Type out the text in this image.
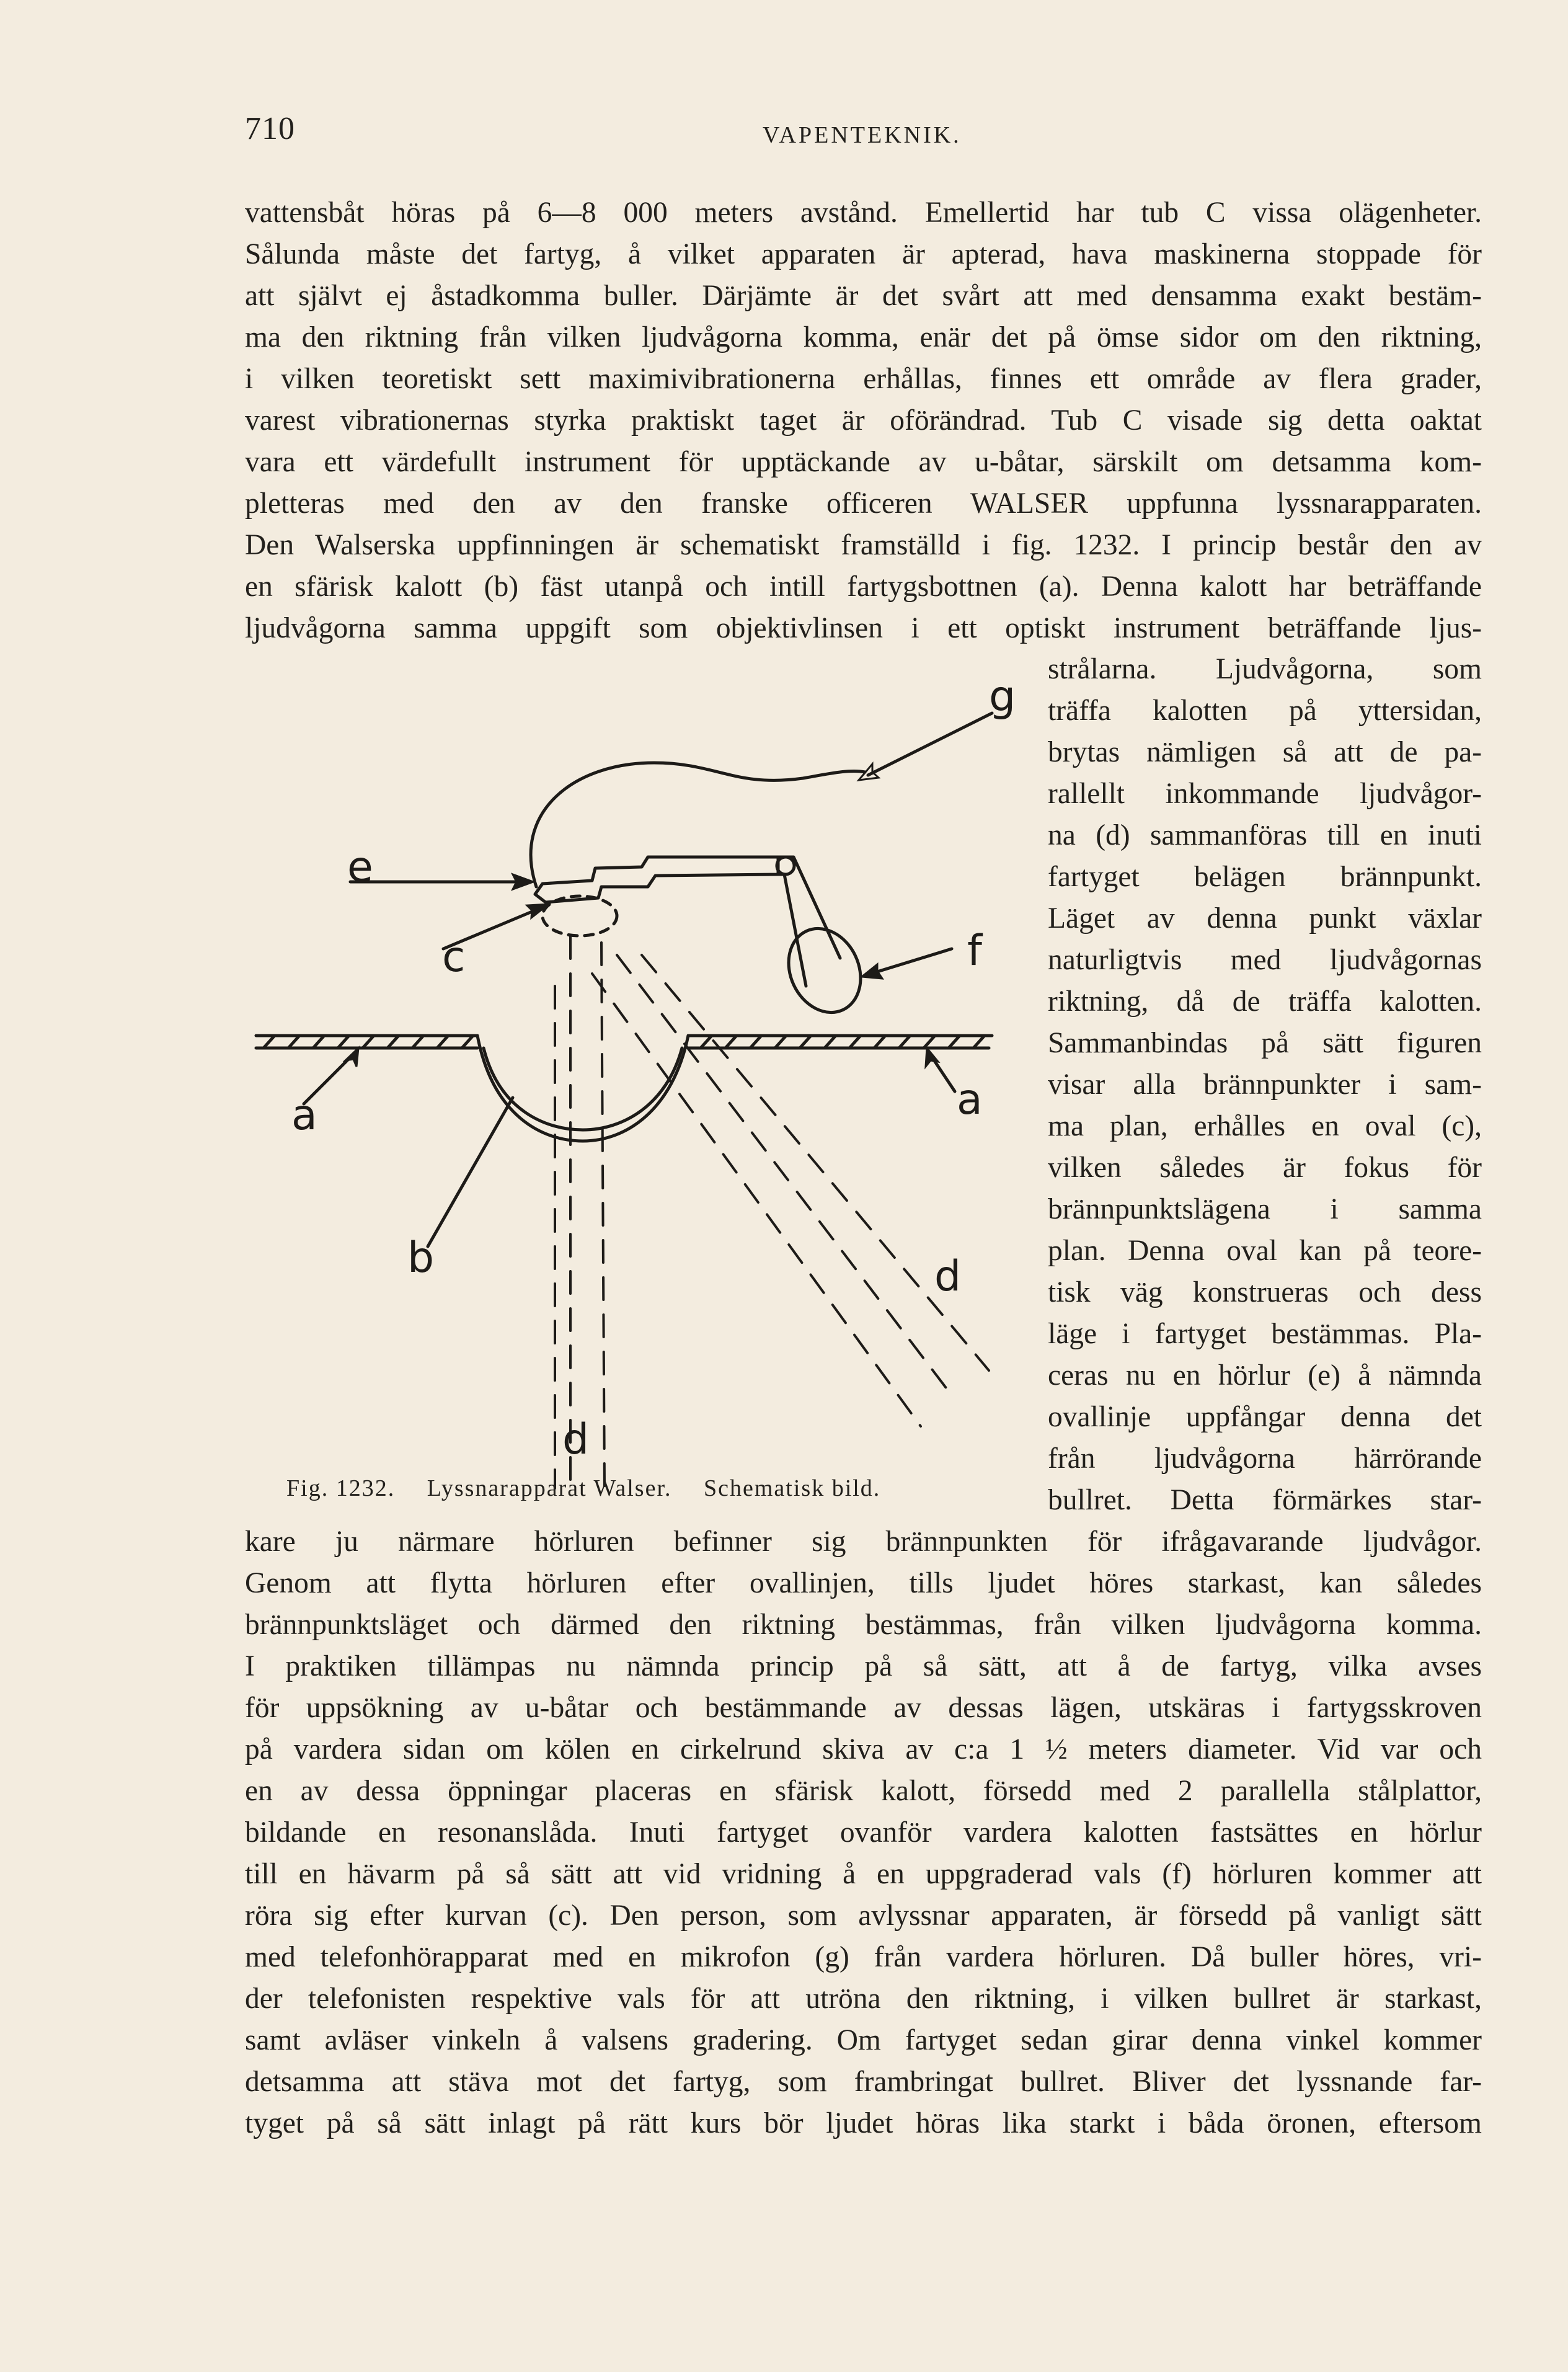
710	VAPENTEKNIK.
vattensbåt höras på 6—8 000 meters avstånd. Emellertid har tub C vissa olägenheter.
Sålunda måste det fartyg, å vilket apparaten är apterad, hava maskinerna stoppade för
att självt ej åstadkomma buller. Därjämte är det svårt att med densamma exakt bestäm-
ma den riktning från vilken ljudvågorna komma, enär det på ömse sidor om den riktning,
i vilken teoretiskt sett maximivibrationerna erhållas, finnes ett område av flera grader,
varest vibrationernas styrka praktiskt taget är oförändrad. Tub C visade sig detta oaktat
vara ett värdefullt instrument för upptäckande av u-båtar, särskilt om detsamma kom-
pletteras med den av den franske officeren WALSER uppfunna lyssnarapparaten.
Den Walserska uppfinningen är schematiskt framställd i fig. 1232. I princip består den av
en sfärisk kalott (b) fäst utanpå och intill fartygsbottnen (a). Denna kalott har beträffande
ljudvågorna samma uppgift som objektivlinsen i ett optiskt instrument beträffande ljus-
strålarna. Ljudvågorna, som
träffa kalotten på yttersidan,
brytas nämligen så att de pa-
rallellt inkommande ljudvågor-
na (d) sammanföras till en inuti
fartyget belägen brännpunkt.
Läget av denna punkt växlar
naturligtvis med ljudvågornas
riktning, då de träffa kalotten.
Sammanbindas på sätt figuren
visar alla brännpunkter i sam-
ma plan, erhålles en oval (c),
vilken således är fokus för
brännpunktslägena i samma
plan. Denna oval kan på teore-
tisk väg konstrueras och dess
läge i fartyget bestämmas. Pla-
ceras nu en hörlur (e) å nämnda
ovallinje uppfångar denna det
från ljudvågorna härrörande
bullret. Detta förmärkes star-
g
e
c	f
a	a
b	d
d
Fig. 1232. Lyssnarapparat Walser. Schematisk bild.
kare ju närmare hörluren befinner sig brännpunkten för ifrågavarande ljudvågor.
Genom att flytta hörluren efter ovallinjen, tills ljudet höres starkast, kan således
brännpunktsläget och därmed den riktning bestämmas, från vilken ljudvågorna komma.
I praktiken tillämpas nu nämnda princip på så sätt, att å de fartyg, vilka avses
för uppsökning av u-båtar och bestämmande av dessas lägen, utskäras i fartygsskroven
på vardera sidan om kölen en cirkelrund skiva av c:a 1 ½ meters diameter. Vid var och
en av dessa öppningar placeras en sfärisk kalott, försedd med 2 parallella stålplattor,
bildande en resonanslåda. Inuti fartyget ovanför vardera kalotten fastsättes en hörlur
till en hävarm på så sätt att vid vridning å en uppgraderad vals (f) hörluren kommer att
röra sig efter kurvan (c). Den person, som avlyssnar apparaten, är försedd på vanligt sätt
med telefonhörapparat med en mikrofon (g) från vardera hörluren. Då buller höres, vri-
der telefonisten respektive vals för att utröna den riktning, i vilken bullret är starkast,
samt avläser vinkeln å valsens gradering. Om fartyget sedan girar denna vinkel kommer
detsamma att stäva mot det fartyg, som frambringat bullret. Bliver det lyssnande far-
tyget på så sätt inlagt på rätt kurs bör ljudet höras lika starkt i båda öronen, eftersom
